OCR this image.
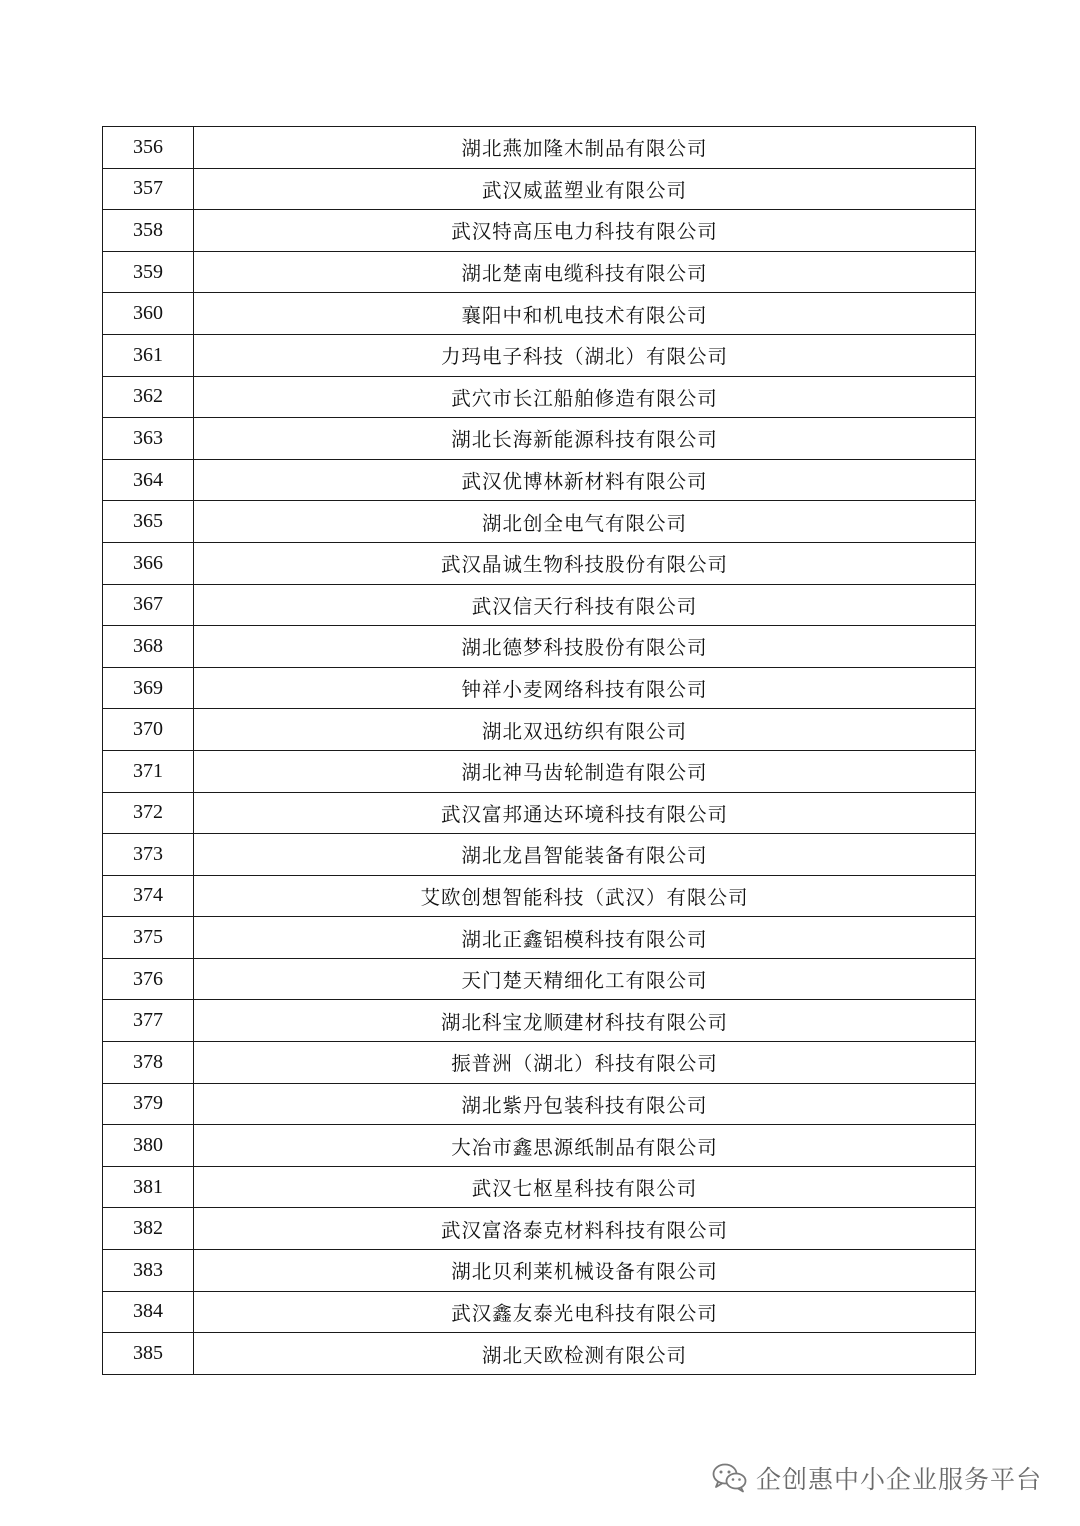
356	湖北燕加隆木制品有限公司
357	武汉威蓝塑业有限公司
358	武汉特高压电力科技有限公司
359	湖北楚南电缆科技有限公司
360	襄阳中和机电技术有限公司
361	力玛电子科技（湖北）有限公司
362	武穴市长江船舶修造有限公司
363	湖北长海新能源科技有限公司
364	武汉优博林新材料有限公司
365	湖北创全电气有限公司
366	武汉晶诚生物科技股份有限公司
367	武汉信天行科技有限公司
368	湖北德梦科技股份有限公司
369	钟祥小麦网络科技有限公司
370	湖北双迅纺织有限公司
371	湖北神马齿轮制造有限公司
372	武汉富邦通达环境科技有限公司
373	湖北龙昌智能装备有限公司
374	艾欧创想智能科技（武汉）有限公司
375	湖北正鑫铝模科技有限公司
376	天门楚天精细化工有限公司
377	湖北科宝龙顺建材科技有限公司
378	振普洲（湖北）科技有限公司
379	湖北紫丹包装科技有限公司
380	大冶市鑫思源纸制品有限公司
381	武汉七枢星科技有限公司
382	武汉富洛泰克材料科技有限公司
383	湖北贝利莱机械设备有限公司
384	武汉鑫友泰光电科技有限公司
385	湖北天欧检测有限公司
企创惠中小企业服务平台
